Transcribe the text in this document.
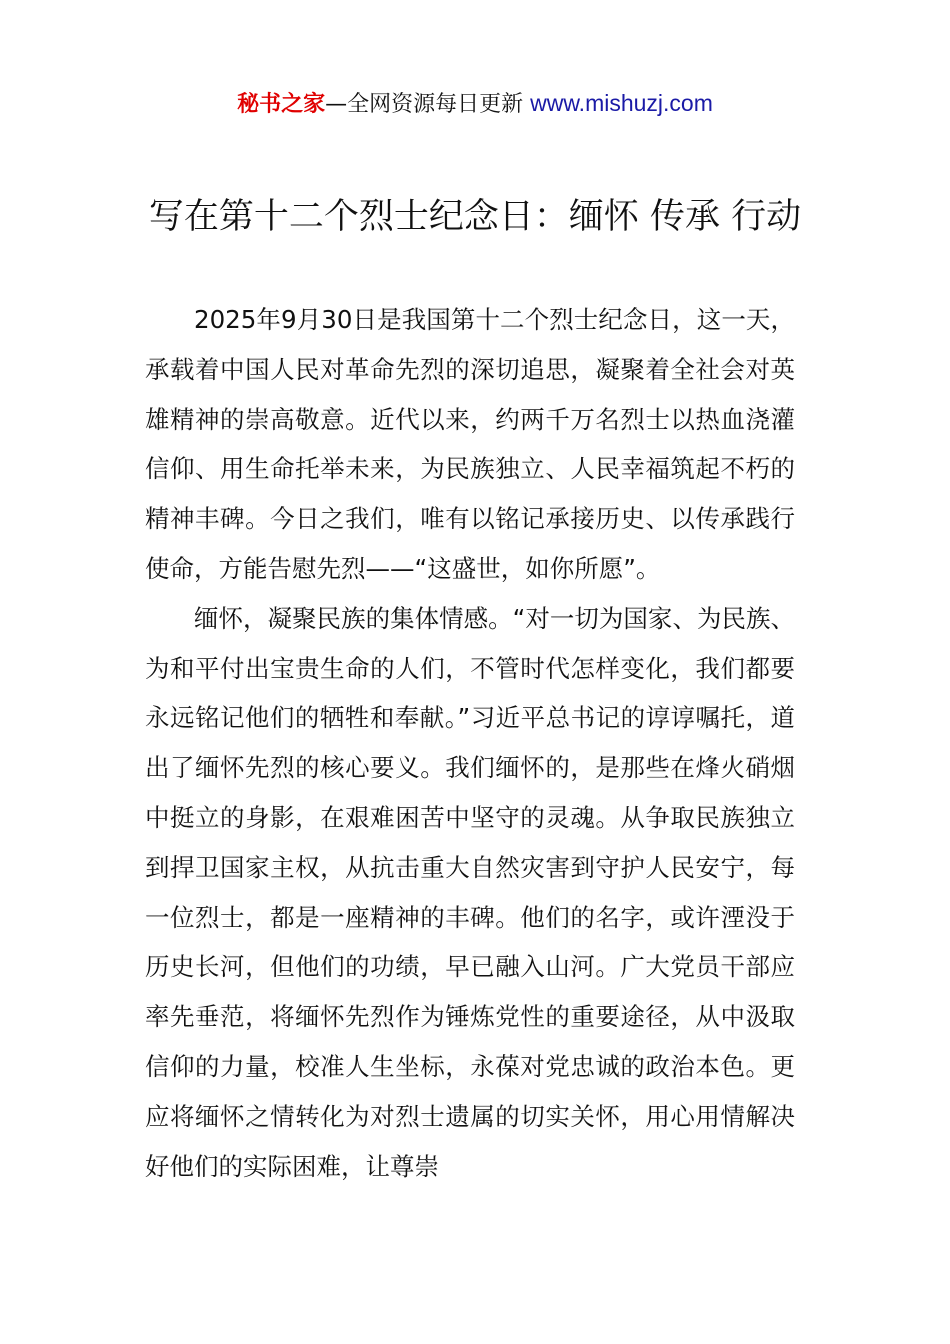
秘书之家—全网资源每日更新 www.mishuzj.com
写在第十二个烈士纪念日：缅怀 传承 行动

2025年9月30日是我国第十二个烈士纪念日，这一天，承载着中国人民对革命先烈的深切追思，凝聚着全社会对英雄精神的崇高敬意。近代以来，约两千万名烈士以热血浇灌信仰、用生命托举未来，为民族独立、人民幸福筑起不朽的精神丰碑。今日之我们，唯有以铭记承接历史、以传承践行使命，方能告慰先烈——“这盛世，如你所愿”。

缅怀，凝聚民族的集体情感。“对一切为国家、为民族、为和平付出宝贵生命的人们，不管时代怎样变化，我们都要永远铭记他们的牺牲和奉献。”习近平总书记的谆谆嘱托，道出了缅怀先烈的核心要义。我们缅怀的，是那些在烽火硝烟中挺立的身影，在艰难困苦中坚守的灵魂。从争取民族独立到捍卫国家主权，从抗击重大自然灾害到守护人民安宁，每一位烈士，都是一座精神的丰碑。他们的名字，或许湮没于历史长河，但他们的功绩，早已融入山河。广大党员干部应率先垂范，将缅怀先烈作为锤炼党性的重要途径，从中汲取信仰的力量，校准人生坐标，永葆对党忠诚的政治本色。更应将缅怀之情转化为对烈士遗属的切实关怀，用心用情解决好他们的实际困难，让尊崇
